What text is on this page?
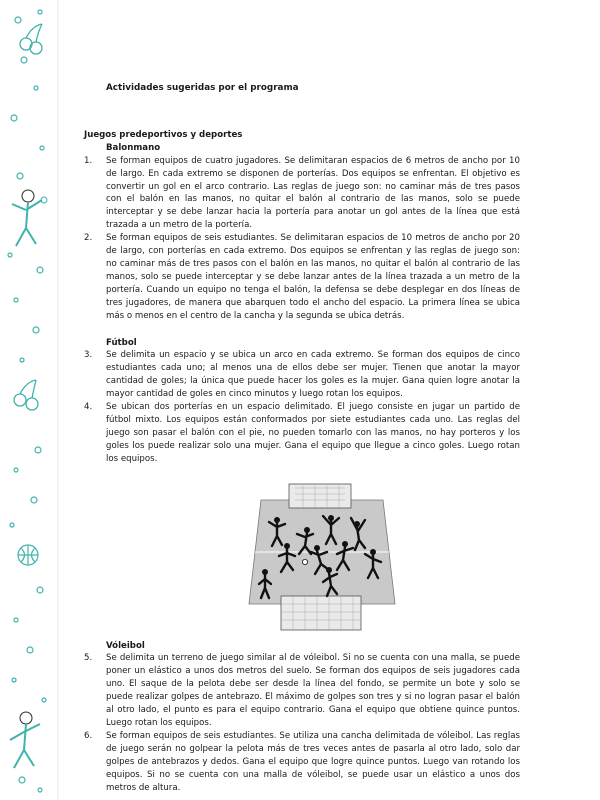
Actividades sugeridas por el programa
Juegos predeportivos y deportes
Balonmano
1.	Se forman equipos de cuatro jugadores. Se delimitaran espacios de 6 metros de ancho por 10 de largo. En cada extremo se disponen de porterías. Dos equipos se enfrentan. El objetivo es convertir un gol en el arco contrario. Las reglas de juego son: no caminar más de tres pasos con el balón en las manos, no quitar el balón al contrario de las manos, solo se puede interceptar y se debe lanzar hacia la portería para anotar un gol antes de la línea que está trazada a un metro de la portería.
2.	Se forman equipos de seis estudiantes. Se delimitaran espacios de 10 metros de ancho por 20 de largo, con porterías en cada extremo. Dos equipos se enfrentan y las reglas de juego son: no caminar más de tres pasos con el balón en las manos, no quitar el balón al contrario de las manos, solo se puede interceptar y se debe lanzar antes de la línea trazada a un metro de la portería. Cuando un equipo no tenga el balón, la defensa se debe desplegar en dos líneas de tres jugadores, de manera que abarquen todo el ancho del espacio. La primera línea se ubica más o menos en el centro de la cancha y la segunda se ubica detrás.
Fútbol
3.	Se delimita un espacio y se ubica un arco en cada extremo. Se forman dos equipos de cinco estudiantes cada uno; al menos una de ellos debe ser mujer. Tienen que anotar la mayor cantidad de goles; la única que puede hacer los goles es la mujer. Gana quien logre anotar la mayor cantidad de goles en cinco minutos y luego rotan los equipos.
4.	Se ubican dos porterías en un espacio delimitado. El juego consiste en jugar un partido de fútbol mixto. Los equipos están conformados por siete estudiantes cada uno. Las reglas del juego son pasar el balón con el pie, no pueden tomarlo con las manos, no hay porteros y los goles los puede realizar solo una mujer. Gana el equipo que llegue a cinco goles. Luego rotan los equipos.
Vóleibol
5.	Se delimita un terreno de juego similar al de vóleibol. Si no se cuenta con una malla, se puede poner un elástico a unos dos metros del suelo. Se forman dos equipos de seis jugadores cada uno. El saque de la pelota debe ser desde la línea del fondo, se permite un bote y solo se puede realizar golpes de antebrazo. El máximo de golpes son tres y si no logran pasar el balón al otro lado, el punto es para el equipo contrario. Gana el equipo que obtiene quince puntos. Luego rotan los equipos.
6.	Se forman equipos de seis estudiantes. Se utiliza una cancha delimitada de vóleibol. Las reglas de juego serán no golpear la pelota más de tres veces antes de pasarla al otro lado, solo dar golpes de antebrazos y dedos. Gana el equipo que logre quince puntos. Luego van rotando los equipos. Si no se cuenta con una malla de vóleibol, se puede usar un elástico a unos dos metros de altura.
